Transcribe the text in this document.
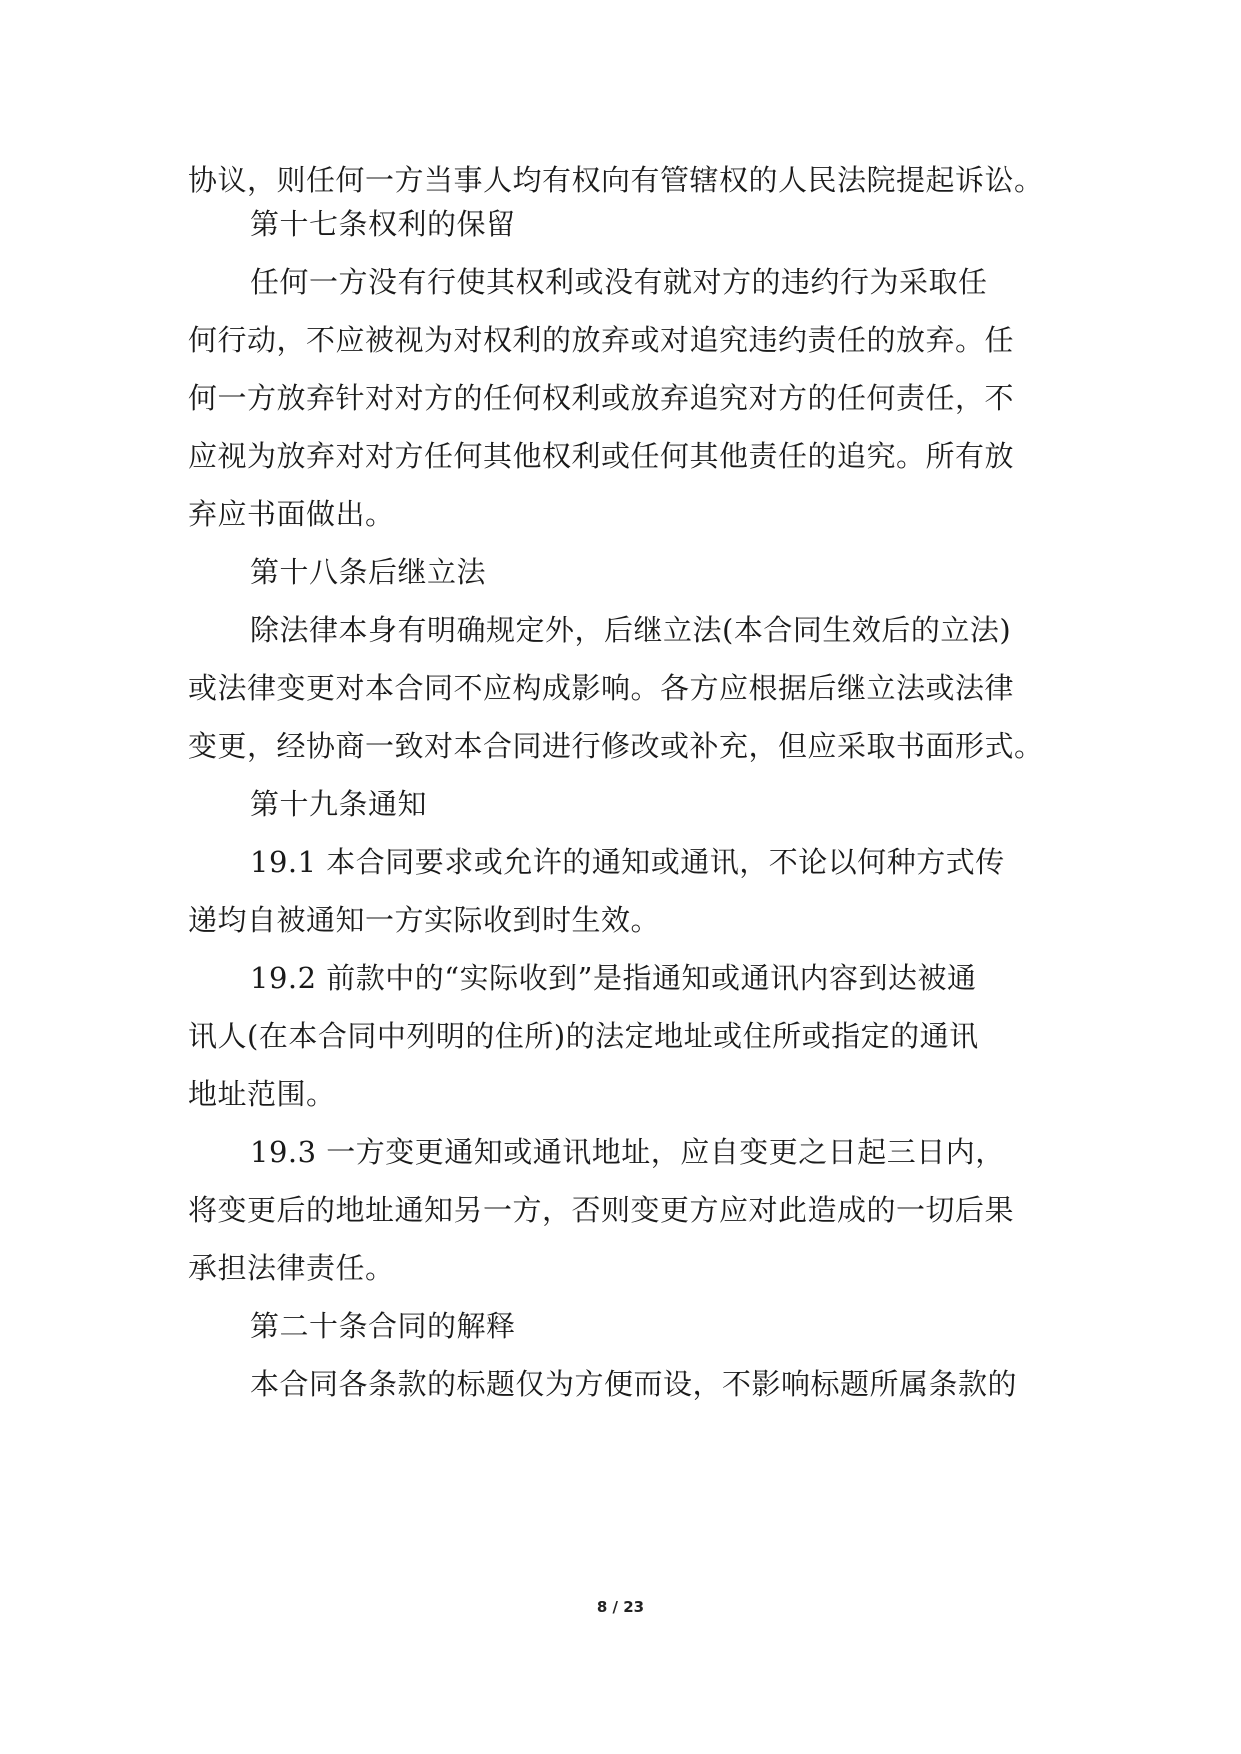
协议，则任何一方当事人均有权向有管辖权的人民法院提起诉讼。
第十七条权利的保留
任何一方没有行使其权利或没有就对方的违约行为采取任
何行动，不应被视为对权利的放弃或对追究违约责任的放弃。任
何一方放弃针对对方的任何权利或放弃追究对方的任何责任，不
应视为放弃对对方任何其他权利或任何其他责任的追究。所有放
弃应书面做出。
第十八条后继立法
除法律本身有明确规定外，后继立法(本合同生效后的立法)
或法律变更对本合同不应构成影响。各方应根据后继立法或法律
变更，经协商一致对本合同进行修改或补充，但应采取书面形式。
第十九条通知
19.1 本合同要求或允许的通知或通讯，不论以何种方式传
递均自被通知一方实际收到时生效。
19.2 前款中的“实际收到”是指通知或通讯内容到达被通
讯人(在本合同中列明的住所)的法定地址或住所或指定的通讯
地址范围。
19.3 一方变更通知或通讯地址，应自变更之日起三日内，
将变更后的地址通知另一方，否则变更方应对此造成的一切后果
承担法律责任。
第二十条合同的解释
本合同各条款的标题仅为方便而设，不影响标题所属条款的
8 / 23
